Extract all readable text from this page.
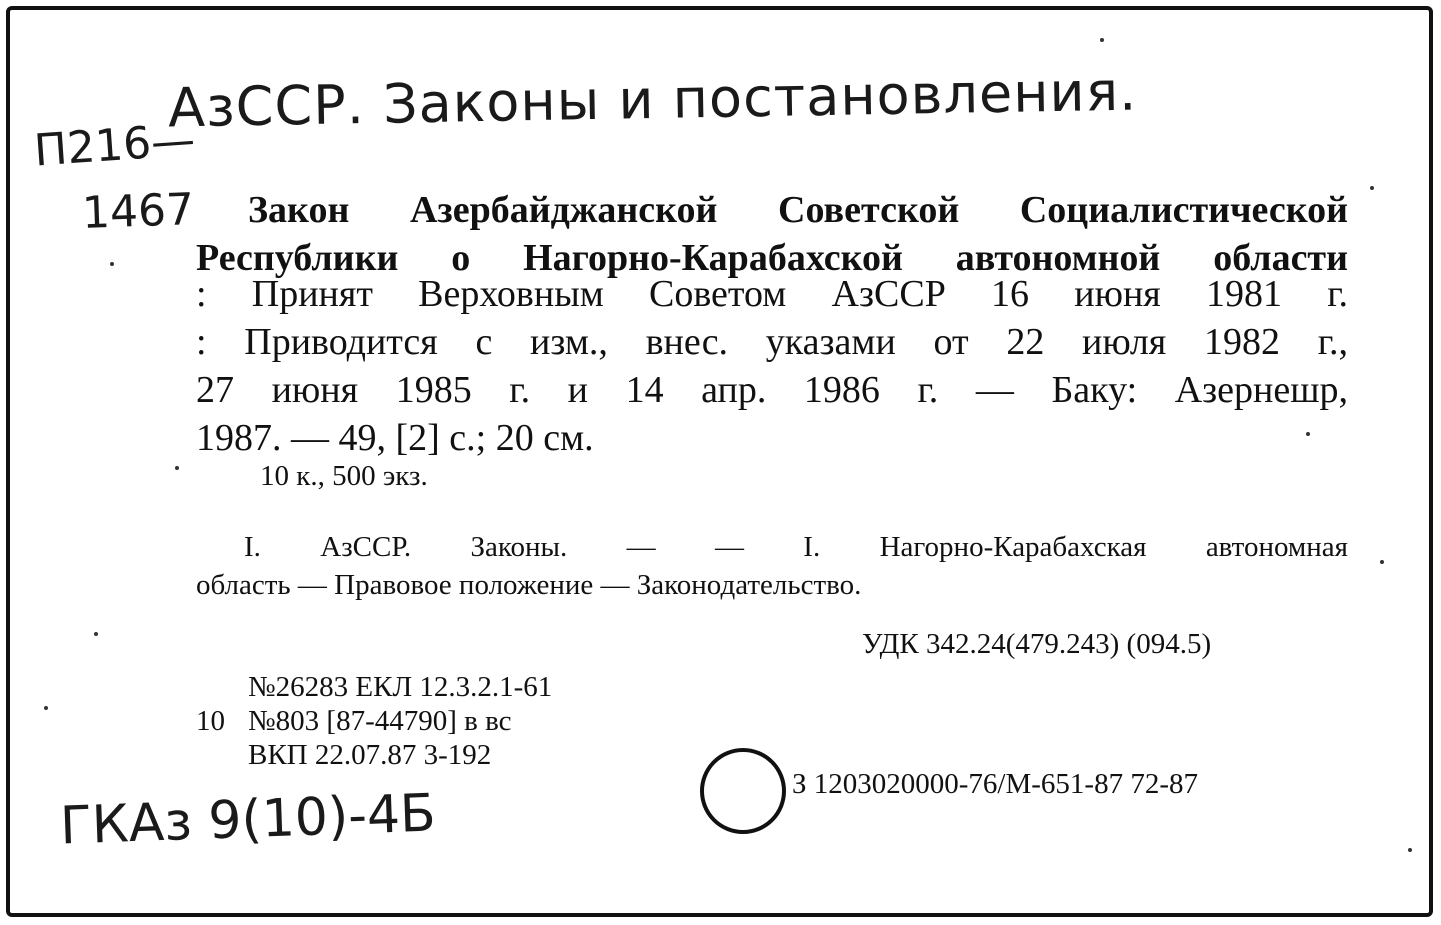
АзССР. Законы и постановления.
П216—
1467
ГКАз 9(10)-4Б
Закон Азербайджанской Советской Социалистической
Республики о Нагорно-Карабахской автономной области
: Принят Верховным Советом АзССР 16 июня 1981 г.
: Приводится с изм., внес. указами от 22 июля 1982 г.,
27 июня 1985 г. и 14 апр. 1986 г. — Баку: Азернешр,
1987. — 49, [2] с.; 20 см.
10 к., 500 экз.
I. АзССР. Законы. — — I. Нагорно-Карабахская автономная
область — Правовое положение — Законодательство.
УДК 342.24(479.243) (094.5)
№26283 ЕКЛ 12.3.2.1-61
10 №803 [87-44790] в вс
ВКП 22.07.87 3-192
З 1203020000-76/М-651-87 72-87
